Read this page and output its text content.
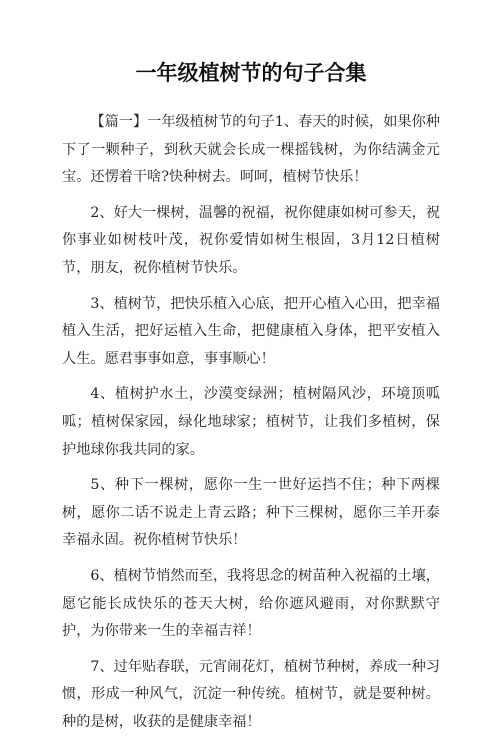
一年级植树节的句子合集

【篇一】一年级植树节的句子1、春天的时候，如果你种下了一颗种子，到秋天就会长成一棵摇钱树，为你结满金元宝。还愣着干啥?快种树去。呵呵，植树节快乐！

2、好大一棵树，温馨的祝福，祝你健康如树可参天，祝你事业如树枝叶茂，祝你爱情如树生根固，3月12日植树节，朋友，祝你植树节快乐。

3、植树节，把快乐植入心底，把开心植入心田，把幸福植入生活，把好运植入生命，把健康植入身体，把平安植入人生。愿君事事如意，事事顺心！

4、植树护水土，沙漠变绿洲；植树隔风沙，环境顶呱呱；植树保家园，绿化地球家；植树节，让我们多植树，保护地球你我共同的家。

5、种下一棵树，愿你一生一世好运挡不住；种下两棵树，愿你二话不说走上青云路；种下三棵树，愿你三羊开泰幸福永固。祝你植树节快乐！

6、植树节悄然而至，我将思念的树苗种入祝福的土壤，愿它能长成快乐的苍天大树，给你遮风避雨，对你默默守护，为你带来一生的幸福吉祥！

7、过年贴春联，元宵闹花灯，植树节种树，养成一种习惯，形成一种风气，沉淀一种传统。植树节，就是要种树。种的是树，收获的是健康幸福！
